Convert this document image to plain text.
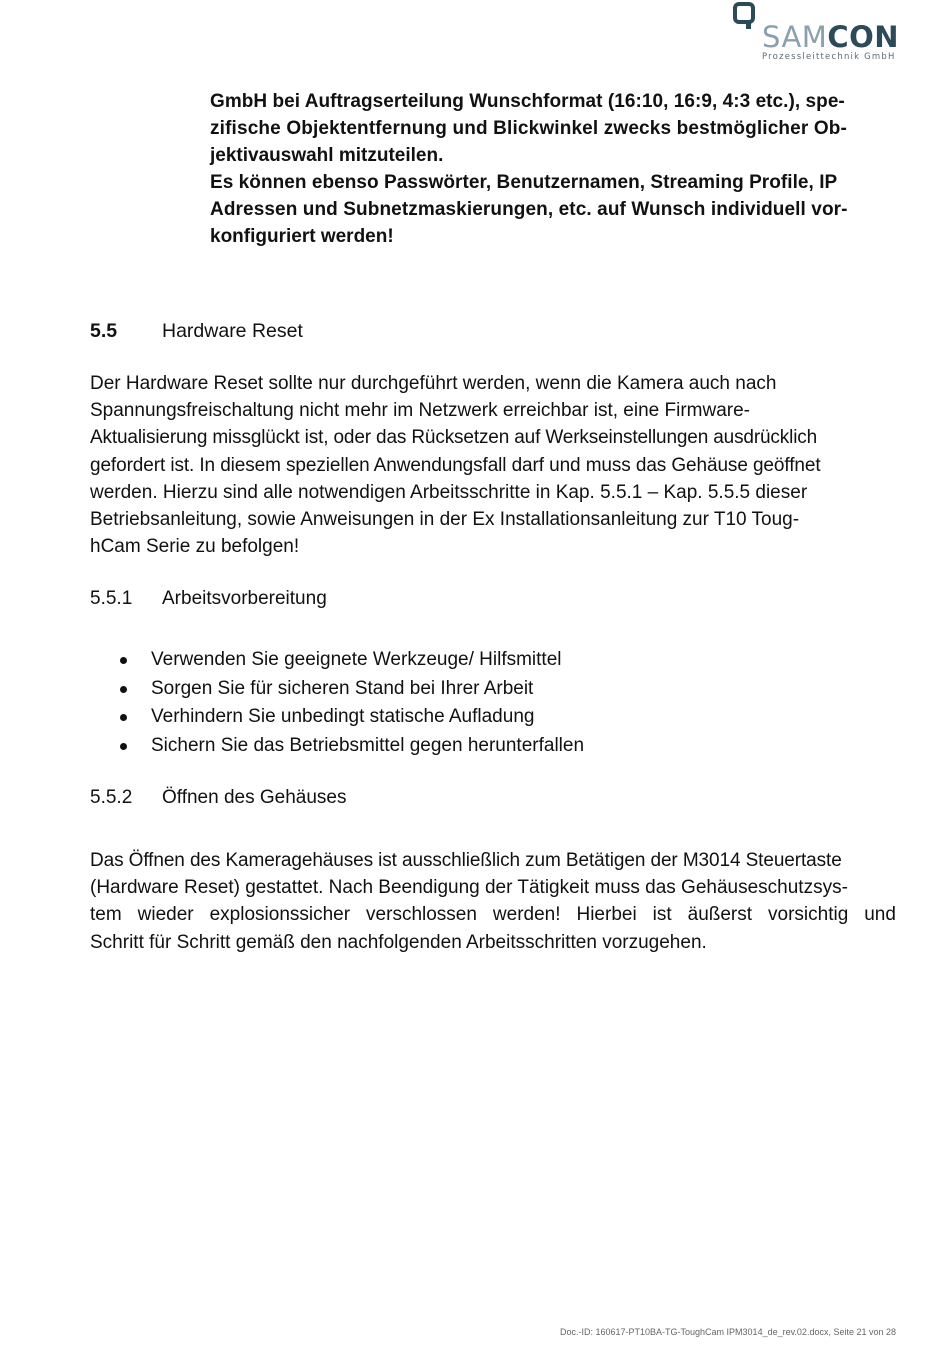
SAMCON
Prozessleittechnik GmbH
GmbH bei Auftragserteilung Wunschformat (16:10, 16:9, 4:3 etc.), spe-
zifische Objektentfernung und Blickwinkel zwecks bestmöglicher Ob-
jektivauswahl mitzuteilen.
Es können ebenso Passwörter, Benutzernamen, Streaming Profile, IP
Adressen und Subnetzmaskierungen, etc. auf Wunsch individuell vor-
konfiguriert werden!
5.5 Hardware Reset
Der Hardware Reset sollte nur durchgeführt werden, wenn die Kamera auch nach
Spannungsfreischaltung nicht mehr im Netzwerk erreichbar ist, eine Firmware-
Aktualisierung missglückt ist, oder das Rücksetzen auf Werkseinstellungen ausdrücklich
gefordert ist. In diesem speziellen Anwendungsfall darf und muss das Gehäuse geöffnet
werden. Hierzu sind alle notwendigen Arbeitsschritte in Kap. 5.5.1 – Kap. 5.5.5 dieser
Betriebsanleitung, sowie Anweisungen in der Ex Installationsanleitung zur T10 Toug-
hCam Serie zu befolgen!
5.5.1 Arbeitsvorbereitung
Verwenden Sie geeignete Werkzeuge/ Hilfsmittel
Sorgen Sie für sicheren Stand bei Ihrer Arbeit
Verhindern Sie unbedingt statische Aufladung
Sichern Sie das Betriebsmittel gegen herunterfallen
5.5.2 Öffnen des Gehäuses
Das Öffnen des Kameragehäuses ist ausschließlich zum Betätigen der M3014 Steuertaste
(Hardware Reset) gestattet. Nach Beendigung der Tätigkeit muss das Gehäuseschutzsys-
tem wieder explosionssicher verschlossen werden! Hierbei ist äußerst vorsichtig und
Schritt für Schritt gemäß den nachfolgenden Arbeitsschritten vorzugehen.
Doc.-ID: 160617-PT10BA-TG-ToughCam IPM3014_de_rev.02.docx, Seite 21 von 28
